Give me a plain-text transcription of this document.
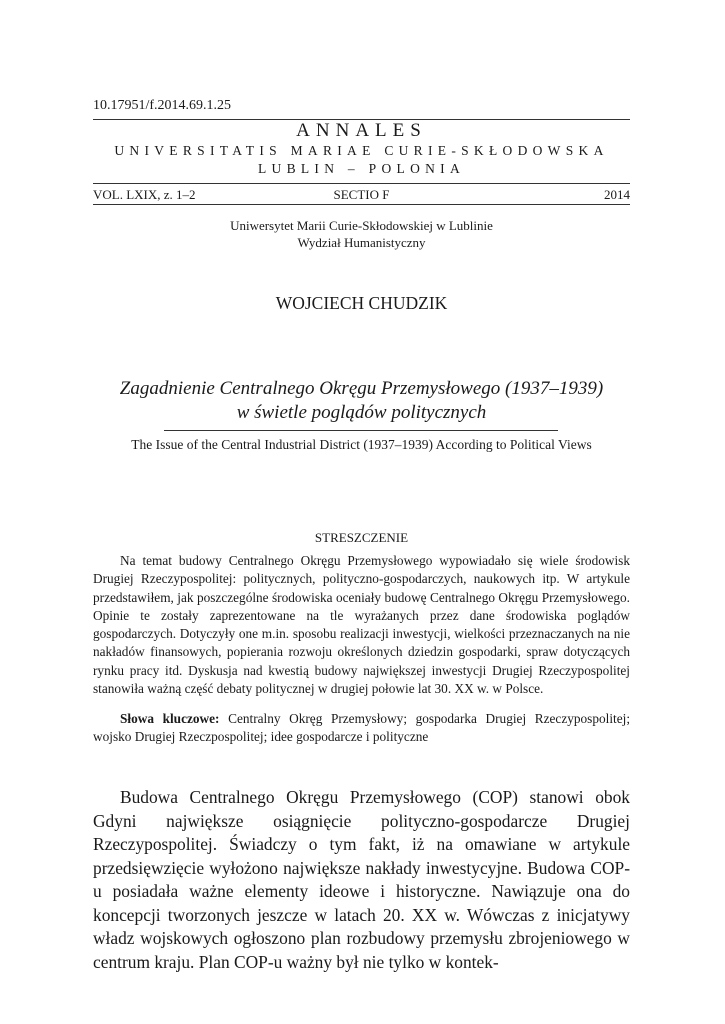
10.17951/f.2014.69.1.25
ANNALES
UNIVERSITATIS MARIAE CURIE-SKŁODOWSKA
LUBLIN – POLONIA
VOL. LXIX, z. 1–2	SECTIO F	2014
Uniwersytet Marii Curie-Skłodowskiej w Lublinie
Wydział Humanistyczny
WOJCIECH CHUDZIK
Zagadnienie Centralnego Okręgu Przemysłowego (1937–1939)
w świetle poglądów politycznych
The Issue of the Central Industrial District (1937–1939) According to Political Views
STRESZCZENIE

Na temat budowy Centralnego Okręgu Przemysłowego wypowiadało się wiele środowisk Drugiej Rzeczypospolitej: politycznych, polityczno-gospodarczych, naukowych itp. W artykule przedstawiłem, jak poszczególne środowiska oceniały budowę Centralnego Okręgu Przemysłowego. Opinie te zostały zaprezentowane na tle wyrażanych przez dane środowiska poglądów gospodarczych. Dotyczyły one m.in. sposobu realizacji inwestycji, wielkości przeznaczanych na nie nakładów finansowych, popierania rozwoju określonych dziedzin gospodarki, spraw dotyczących rynku pracy itd. Dyskusja nad kwestią budowy największej inwestycji Drugiej Rzeczypospolitej stanowiła ważną część debaty politycznej w drugiej połowie lat 30. XX w. w Polsce.

Słowa kluczowe: Centralny Okręg Przemysłowy; gospodarka Drugiej Rzeczypospolitej; wojsko Drugiej Rzeczpospolitej; idee gospodarcze i polityczne

Budowa Centralnego Okręgu Przemysłowego (COP) stanowi obok Gdyni największe osiągnięcie polityczno-gospodarcze Drugiej Rzeczypospolitej. Świadczy o tym fakt, iż na omawiane w artykule przedsięwzięcie wyłożono największe nakłady inwestycyjne. Budowa COP-u posiadała ważne elementy ideowe i historyczne. Nawiązuje ona do koncepcji tworzonych jeszcze w latach 20. XX w. Wówczas z inicjatywy władz wojskowych ogłoszono plan rozbudowy przemysłu zbrojeniowego w centrum kraju. Plan COP-u ważny był nie tylko w kontek-
